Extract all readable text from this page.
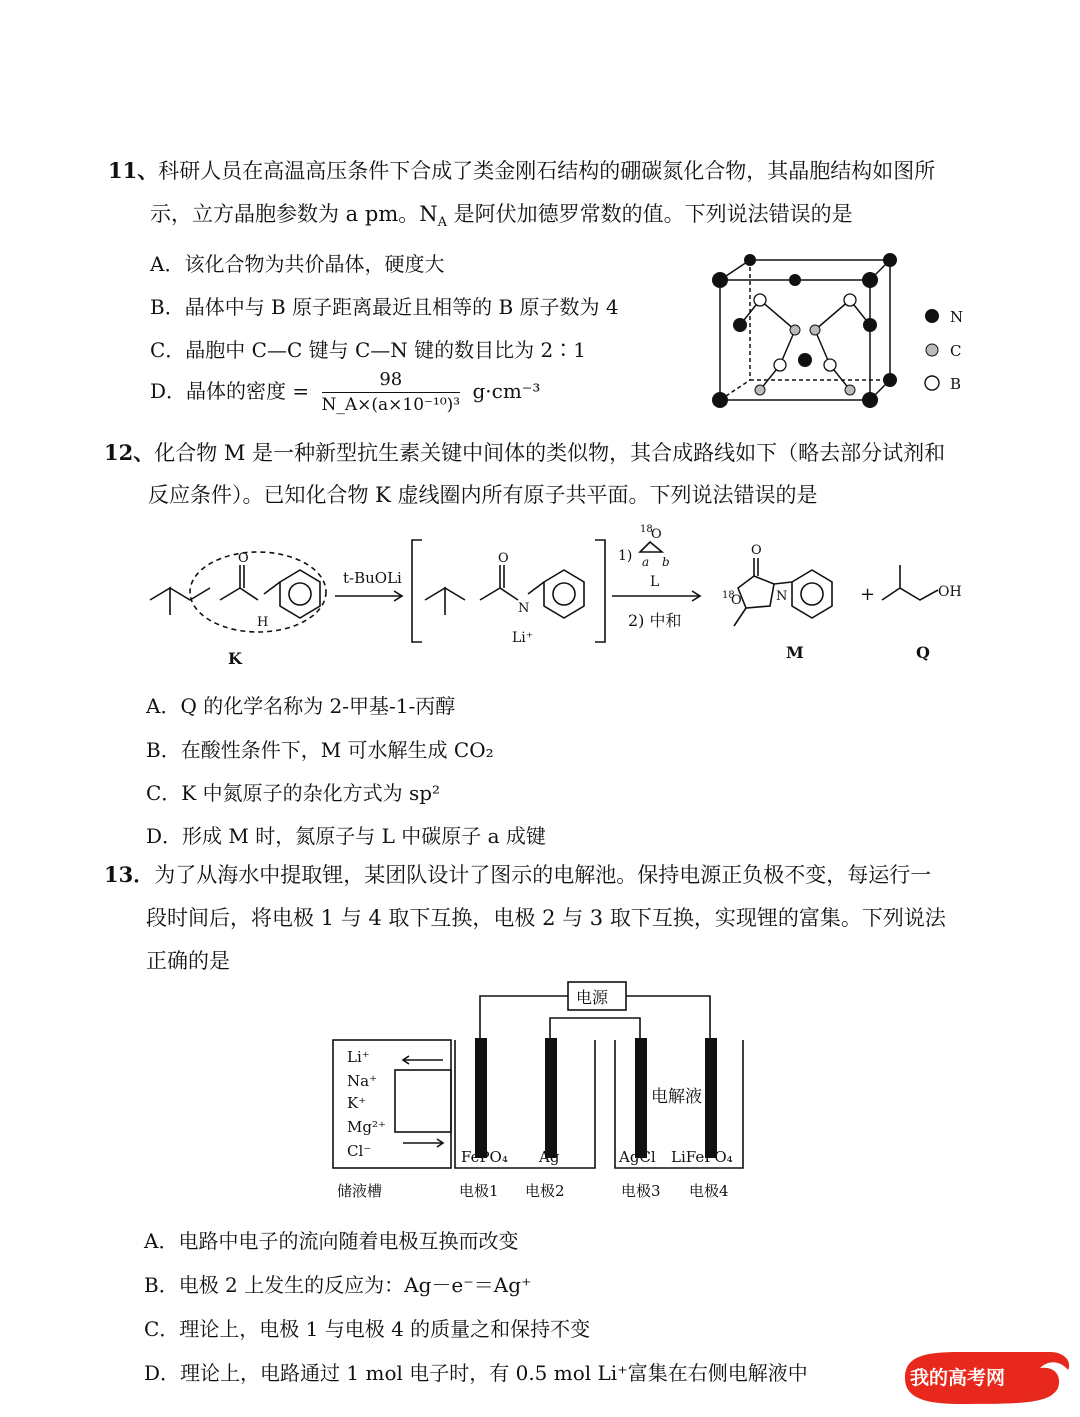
11、科研人员在高温高压条件下合成了类金刚石结构的硼碳氮化合物，其晶胞结构如图所
示，立方晶胞参数为 a pm。$N_A$ 是阿伏加德罗常数的值。下列说法错误的是
A．该化合物为共价晶体，硬度大
B．晶体中与 B 原子距离最近且相等的 B 原子数为 4
C．晶胞中 C—C 键与 C—N 键的数目比为 2∶1
D．晶体的密度 = $\frac{98}{\text{N\_A×(a×10⁻¹⁰)³}} g\cdot cm^{-3}$
N
C
B
12、化合物 M 是一种新型抗生素关键中间体的类似物，其合成路线如下（略去部分试剂和
反应条件）。已知化合物 K 虚线圈内所有原子共平面。下列说法错误的是
t-BuOLi
1)
18
O
a b
L
2) 中和
O
H
O
N
Li⁺
18
O
O
N	+	OH
K	M	Q
A．Q 的化学名称为 2-甲基-1-丙醇
B．在酸性条件下，M 可水解生成 CO₂
C．K 中氮原子的杂化方式为 sp²
D．形成 M 时，氮原子与 L 中碳原子 a 成键
13．为了从海水中提取锂，某团队设计了图示的电解池。保持电源正负极不变，每运行一
段时间后，将电极 1 与 4 取下互换，电极 2 与 3 取下互换，实现锂的富集。下列说法
正确的是
电源
电解液
Li⁺
Na⁺
K⁺
Mg²⁺
Cl⁻	FePO₄ Ag	AgCl LiFePO₄
储液槽	电极1 电极2	电极3 电极4
A．电路中电子的流向随着电极互换而改变
B．电极 2 上发生的反应为：Ag－e⁻＝Ag⁺
C．理论上，电极 1 与电极 4 的质量之和保持不变
D．理论上，电路通过 1 mol 电子时，有 0.5 mol Li⁺富集在右侧电解液中	我的高考网
